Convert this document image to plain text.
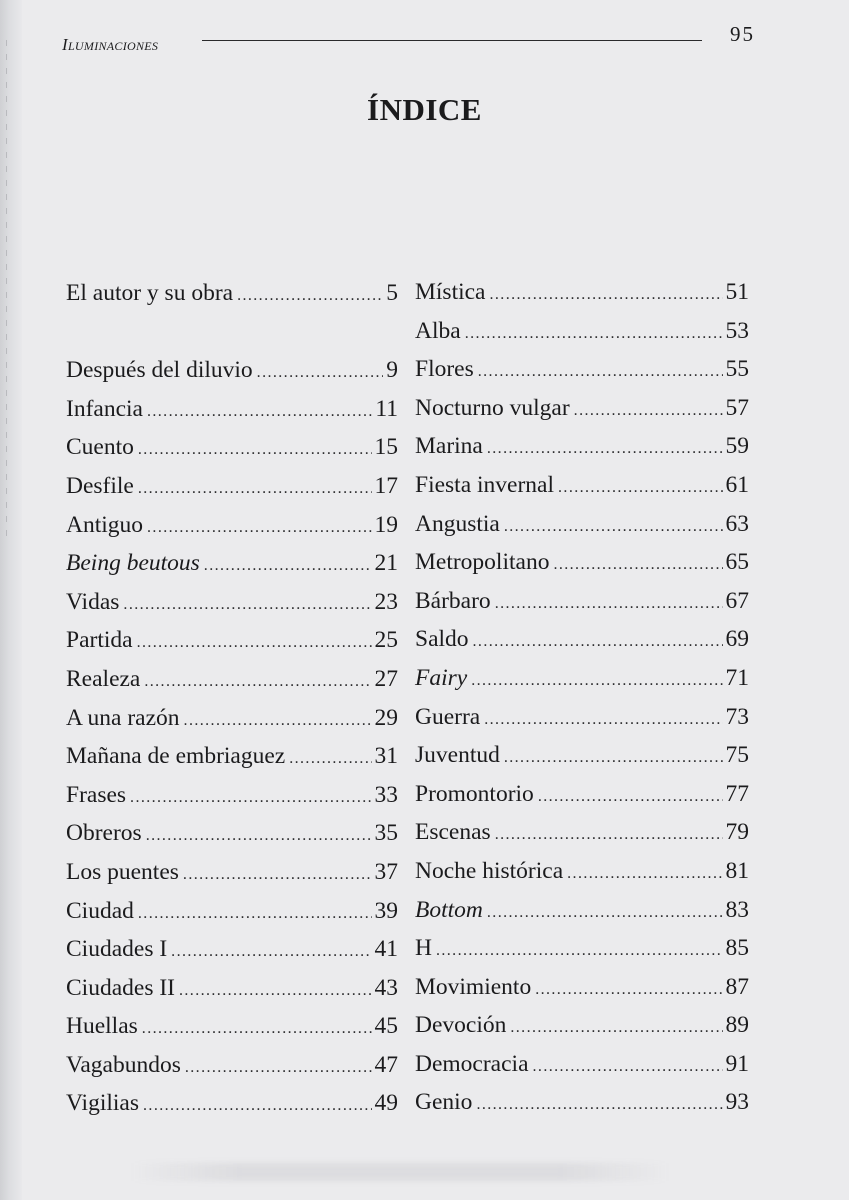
Iluminaciones	95
ÍNDICE
El autor y su obra .....	5
Después del diluvio .....	9
Infancia .....	11
Cuento .....	15
Desfile .....	17
Antiguo .....	19
Being beutous .....	21
Vidas .....	23
Partida .....	25
Realeza .....	27
A una razón .....	29
Mañana de embriaguez .....	31
Frases .....	33
Obreros .....	35
Los puentes .....	37
Ciudad .....	39
Ciudades I .....	41
Ciudades II .....	43
Huellas .....	45
Vagabundos .....	47
Vigilias .....	49
Mística .....	51
Alba .....	53
Flores .....	55
Nocturno vulgar .....	57
Marina .....	59
Fiesta invernal .....	61
Angustia .....	63
Metropolitano .....	65
Bárbaro .....	67
Saldo .....	69
Fairy .....	71
Guerra .....	73
Juventud .....	75
Promontorio .....	77
Escenas .....	79
Noche histórica .....	81
Bottom .....	83
H .....	85
Movimiento .....	87
Devoción .....	89
Democracia .....	91
Genio .....	93
